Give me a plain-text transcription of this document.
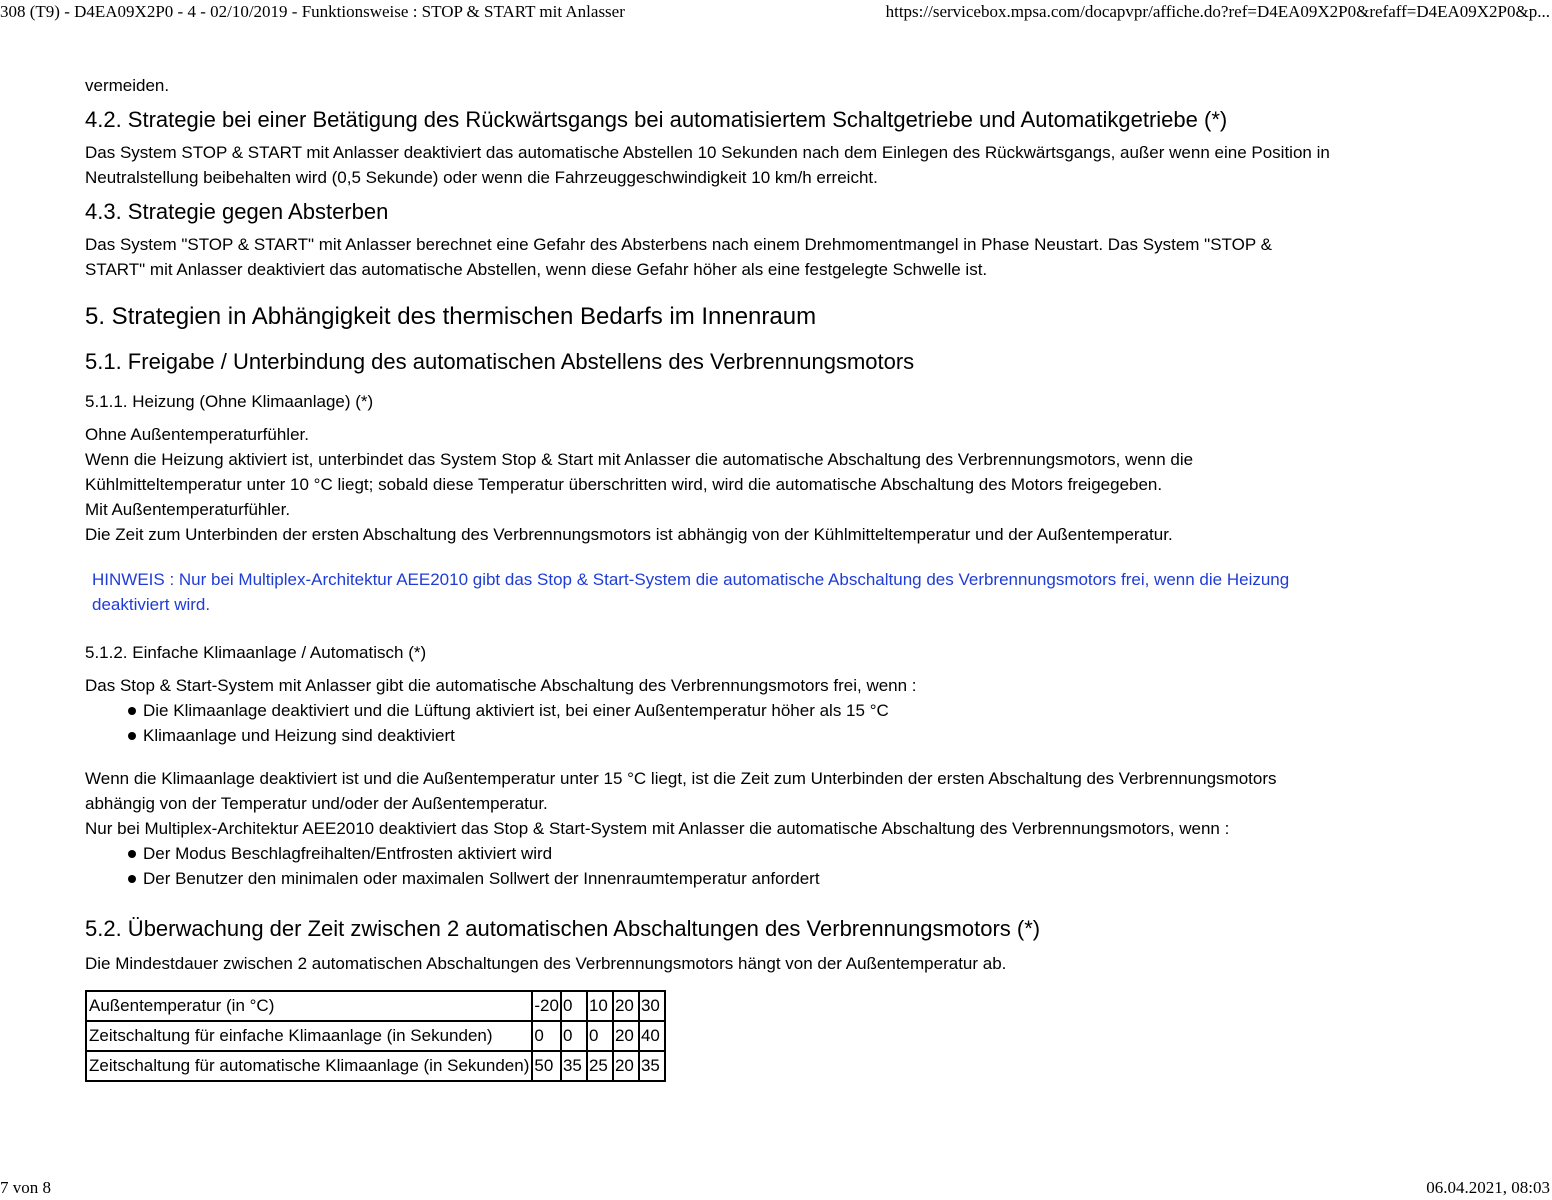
308 (T9) - D4EA09X2P0 - 4 - 02/10/2019 - Funktionsweise : STOP & START mit Anlasser	https://servicebox.mpsa.com/docapvpr/affiche.do?ref=D4EA09X2P0&refaff=D4EA09X2P0&p...
vermeiden.
4.2. Strategie bei einer Betätigung des Rückwärtsgangs bei automatisiertem Schaltgetriebe und Automatikgetriebe (*)
Das System STOP & START mit Anlasser deaktiviert das automatische Abstellen 10 Sekunden nach dem Einlegen des Rückwärtsgangs, außer wenn eine Position in
Neutralstellung beibehalten wird (0,5 Sekunde) oder wenn die Fahrzeuggeschwindigkeit 10 km/h erreicht.
4.3. Strategie gegen Absterben
Das System "STOP & START" mit Anlasser berechnet eine Gefahr des Absterbens nach einem Drehmomentmangel in Phase Neustart. Das System "STOP &
START" mit Anlasser deaktiviert das automatische Abstellen, wenn diese Gefahr höher als eine festgelegte Schwelle ist.
5. Strategien in Abhängigkeit des thermischen Bedarfs im Innenraum
5.1. Freigabe / Unterbindung des automatischen Abstellens des Verbrennungsmotors
5.1.1. Heizung (Ohne Klimaanlage) (*)
Ohne Außentemperaturfühler.
Wenn die Heizung aktiviert ist, unterbindet das System Stop & Start mit Anlasser die automatische Abschaltung des Verbrennungsmotors, wenn die
Kühlmitteltemperatur unter 10 °C liegt; sobald diese Temperatur überschritten wird, wird die automatische Abschaltung des Motors freigegeben.
Mit Außentemperaturfühler.
Die Zeit zum Unterbinden der ersten Abschaltung des Verbrennungsmotors ist abhängig von der Kühlmitteltemperatur und der Außentemperatur.
HINWEIS : Nur bei Multiplex-Architektur AEE2010 gibt das Stop & Start-System die automatische Abschaltung des Verbrennungsmotors frei, wenn die Heizung
deaktiviert wird.
5.1.2. Einfache Klimaanlage / Automatisch (*)
Das Stop & Start-System mit Anlasser gibt die automatische Abschaltung des Verbrennungsmotors frei, wenn :
Die Klimaanlage deaktiviert und die Lüftung aktiviert ist, bei einer Außentemperatur höher als 15 °C
Klimaanlage und Heizung sind deaktiviert
Wenn die Klimaanlage deaktiviert ist und die Außentemperatur unter 15 °C liegt, ist die Zeit zum Unterbinden der ersten Abschaltung des Verbrennungsmotors
abhängig von der Temperatur und/oder der Außentemperatur.
Nur bei Multiplex-Architektur AEE2010 deaktiviert das Stop & Start-System mit Anlasser die automatische Abschaltung des Verbrennungsmotors, wenn :
Der Modus Beschlagfreihalten/Entfrosten aktiviert wird
Der Benutzer den minimalen oder maximalen Sollwert der Innenraumtemperatur anfordert
5.2. Überwachung der Zeit zwischen 2 automatischen Abschaltungen des Verbrennungsmotors (*)
Die Mindestdauer zwischen 2 automatischen Abschaltungen des Verbrennungsmotors hängt von der Außentemperatur ab.
Außentemperatur (in °C)	-20	0	10	20	30
Zeitschaltung für einfache Klimaanlage (in Sekunden)	0	0	0	20	40
Zeitschaltung für automatische Klimaanlage (in Sekunden)	50	35	25	20	35
7 von 8	06.04.2021, 08:03
